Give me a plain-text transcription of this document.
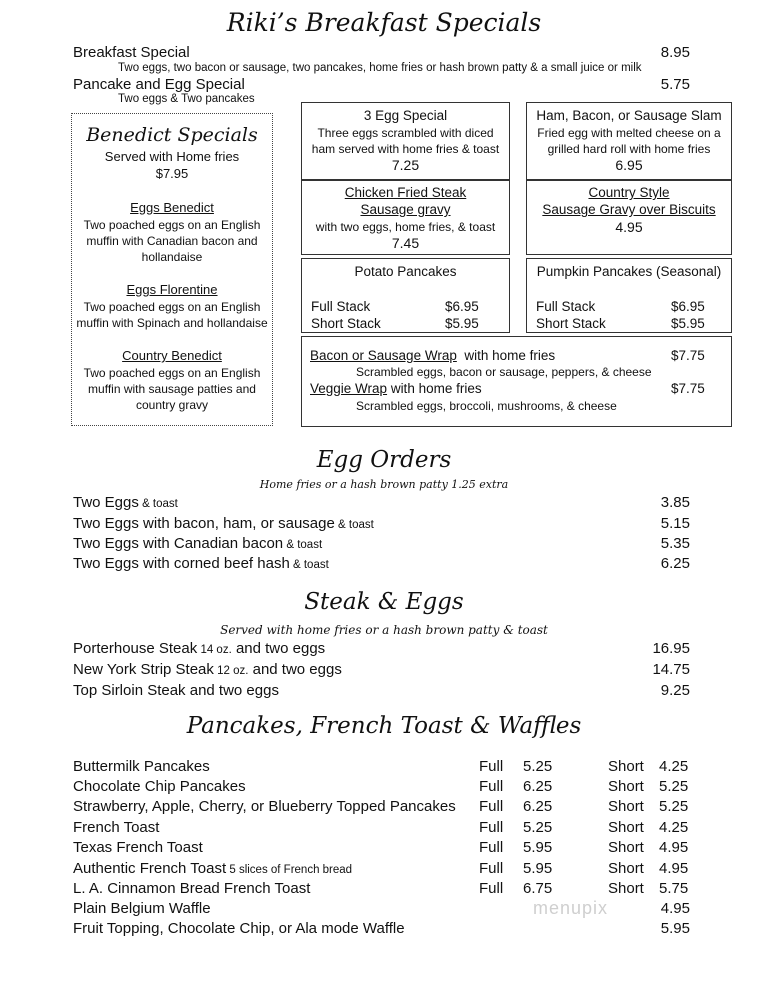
Riki’s Breakfast Specials
Breakfast Special	8.95
Two eggs, two bacon or sausage, two pancakes, home fries or hash brown patty & a small juice or milk
Pancake and Egg Special	5.75
Two eggs & Two pancakes
Benedict Specials
Served with Home fries
$7.95
Eggs Benedict
Two poached eggs on an English
muffin with Canadian bacon and
hollandaise
Eggs Florentine
Two poached eggs on an English
muffin with Spinach and hollandaise
Country Benedict
Two poached eggs on an English
muffin with sausage patties and
country gravy
3 Egg Special
Three eggs scrambled with diced
ham served with home fries & toast
7.25
Ham, Bacon, or Sausage Slam
Fried egg with melted cheese on a
grilled hard roll with home fries
6.95
Chicken Fried Steak
Sausage gravy
with two eggs, home fries, & toast
7.45
Country Style
Sausage Gravy over Biscuits
4.95
Potato Pancakes
Full Stack	$6.95
Short Stack	$5.95
Pumpkin Pancakes (Seasonal)
Full Stack	$6.95
Short Stack	$5.95
Bacon or Sausage Wrap  with home fries	$7.75
Scrambled eggs, bacon or sausage, peppers, & cheese
Veggie Wrap with home fries	$7.75
Scrambled eggs, broccoli, mushrooms, & cheese
Egg Orders
Home fries or a hash brown patty 1.25 extra
Two Eggs & toast	3.85
Two Eggs with bacon, ham, or sausage & toast	5.15
Two Eggs with Canadian bacon & toast	5.35
Two Eggs with corned beef hash & toast	6.25
Steak & Eggs
Served with home fries or a hash brown patty & toast
Porterhouse Steak 14 oz. and two eggs	16.95
New York Strip Steak 12 oz. and two eggs	14.75
Top Sirloin Steak and two eggs	9.25
Pancakes, French Toast & Waffles
Buttermilk Pancakes	Full 5.25	Short 4.25
Chocolate Chip Pancakes	Full 6.25	Short 5.25
Strawberry, Apple, Cherry, or Blueberry Topped Pancakes Full 6.25	Short 5.25
French Toast	Full 5.25	Short 4.25
Texas French Toast	Full 5.95	Short 4.95
Authentic French Toast 5 slices of French bread	Full 5.95	Short 4.95
L. A. Cinnamon Bread French Toast	Full 6.75	Short 5.75
Plain Belgium Waffle	4.95
Fruit Topping, Chocolate Chip, or Ala mode Waffle	5.95
menupix
